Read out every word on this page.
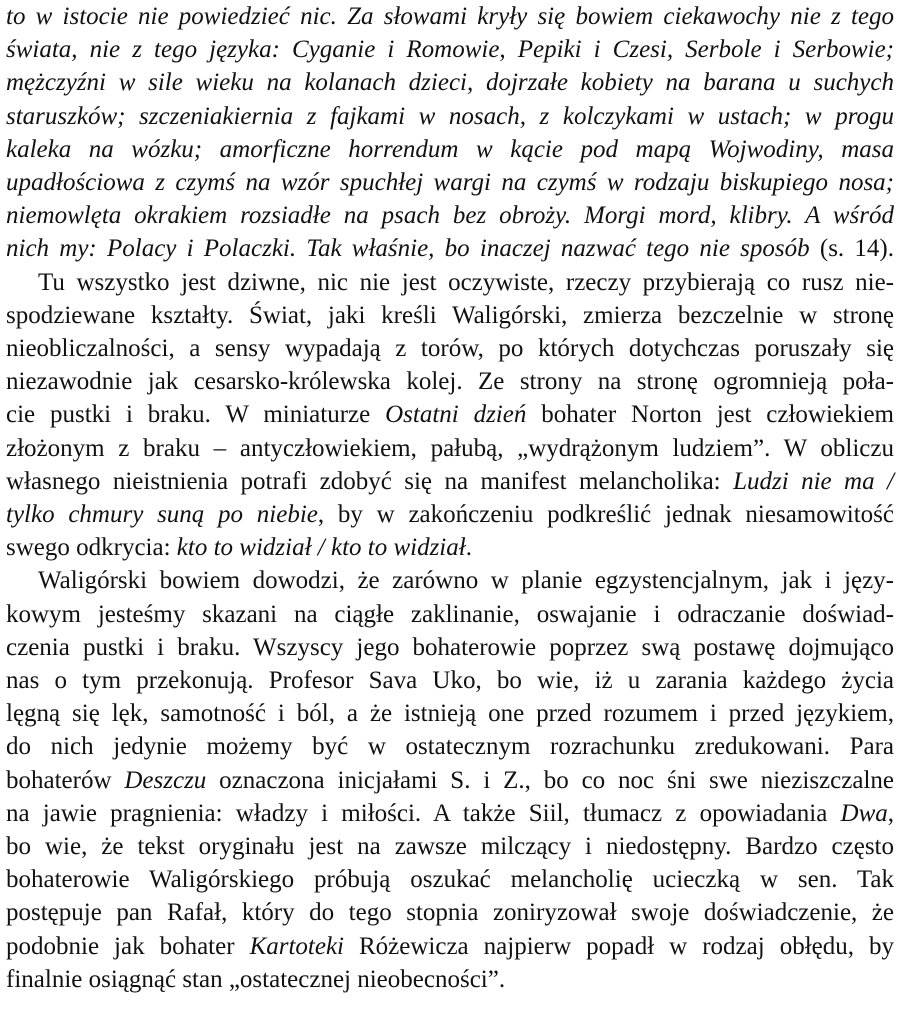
to w istocie nie powiedzieć nic. Za słowami kryły się bowiem ciekawochy nie z tego
świata, nie z tego języka: Cyganie i Romowie, Pepiki i Czesi, Serbole i Serbowie;
mężczyźni w sile wieku na kolanach dzieci, dojrzałe kobiety na barana u suchych
staruszków; szczeniakiernia z fajkami w nosach, z kolczykami w ustach; w progu
kaleka na wózku; amorficzne horrendum w kącie pod mapą Wojwodiny, masa
upadłościowa z czymś na wzór spuchłej wargi na czymś w rodzaju biskupiego nosa;
niemowlęta okrakiem rozsiadłe na psach bez obroży. Morgi mord, klibry. A wśród
nich my: Polacy i Polaczki. Tak właśnie, bo inaczej nazwać tego nie sposób (s. 14).
Tu wszystko jest dziwne, nic nie jest oczywiste, rzeczy przybierają co rusz nie-
spodziewane kształty. Świat, jaki kreśli Waligórski, zmierza bezczelnie w stronę
nieobliczalności, a sensy wypadają z torów, po których dotychczas poruszały się
niezawodnie jak cesarsko-królewska kolej. Ze strony na stronę ogromnieją poła-
cie pustki i braku. W miniaturze Ostatni dzień bohater Norton jest człowiekiem
złożonym z braku – antyczłowiekiem, pałubą, „wydrążonym ludziem”. W obliczu
własnego nieistnienia potrafi zdobyć się na manifest melancholika: Ludzi nie ma /
tylko chmury suną po niebie, by w zakończeniu podkreślić jednak niesamowitość
swego odkrycia: kto to widział / kto to widział.
Waligórski bowiem dowodzi, że zarówno w planie egzystencjalnym, jak i języ-
kowym jesteśmy skazani na ciągłe zaklinanie, oswajanie i odraczanie doświad-
czenia pustki i braku. Wszyscy jego bohaterowie poprzez swą postawę dojmująco
nas o tym przekonują. Profesor Sava Uko, bo wie, iż u zarania każdego życia
lęgną się lęk, samotność i ból, a że istnieją one przed rozumem i przed językiem,
do nich jedynie możemy być w ostatecznym rozrachunku zredukowani. Para
bohaterów Deszczu oznaczona inicjałami S. i Z., bo co noc śni swe nieziszczalne
na jawie pragnienia: władzy i miłości. A także Siil, tłumacz z opowiadania Dwa,
bo wie, że tekst oryginału jest na zawsze milczący i niedostępny. Bardzo często
bohaterowie Waligórskiego próbują oszukać melancholię ucieczką w sen. Tak
postępuje pan Rafał, który do tego stopnia zoniryzował swoje doświadczenie, że
podobnie jak bohater Kartoteki Różewicza najpierw popadł w rodzaj obłędu, by
finalnie osiągnąć stan „ostatecznej nieobecności”.
